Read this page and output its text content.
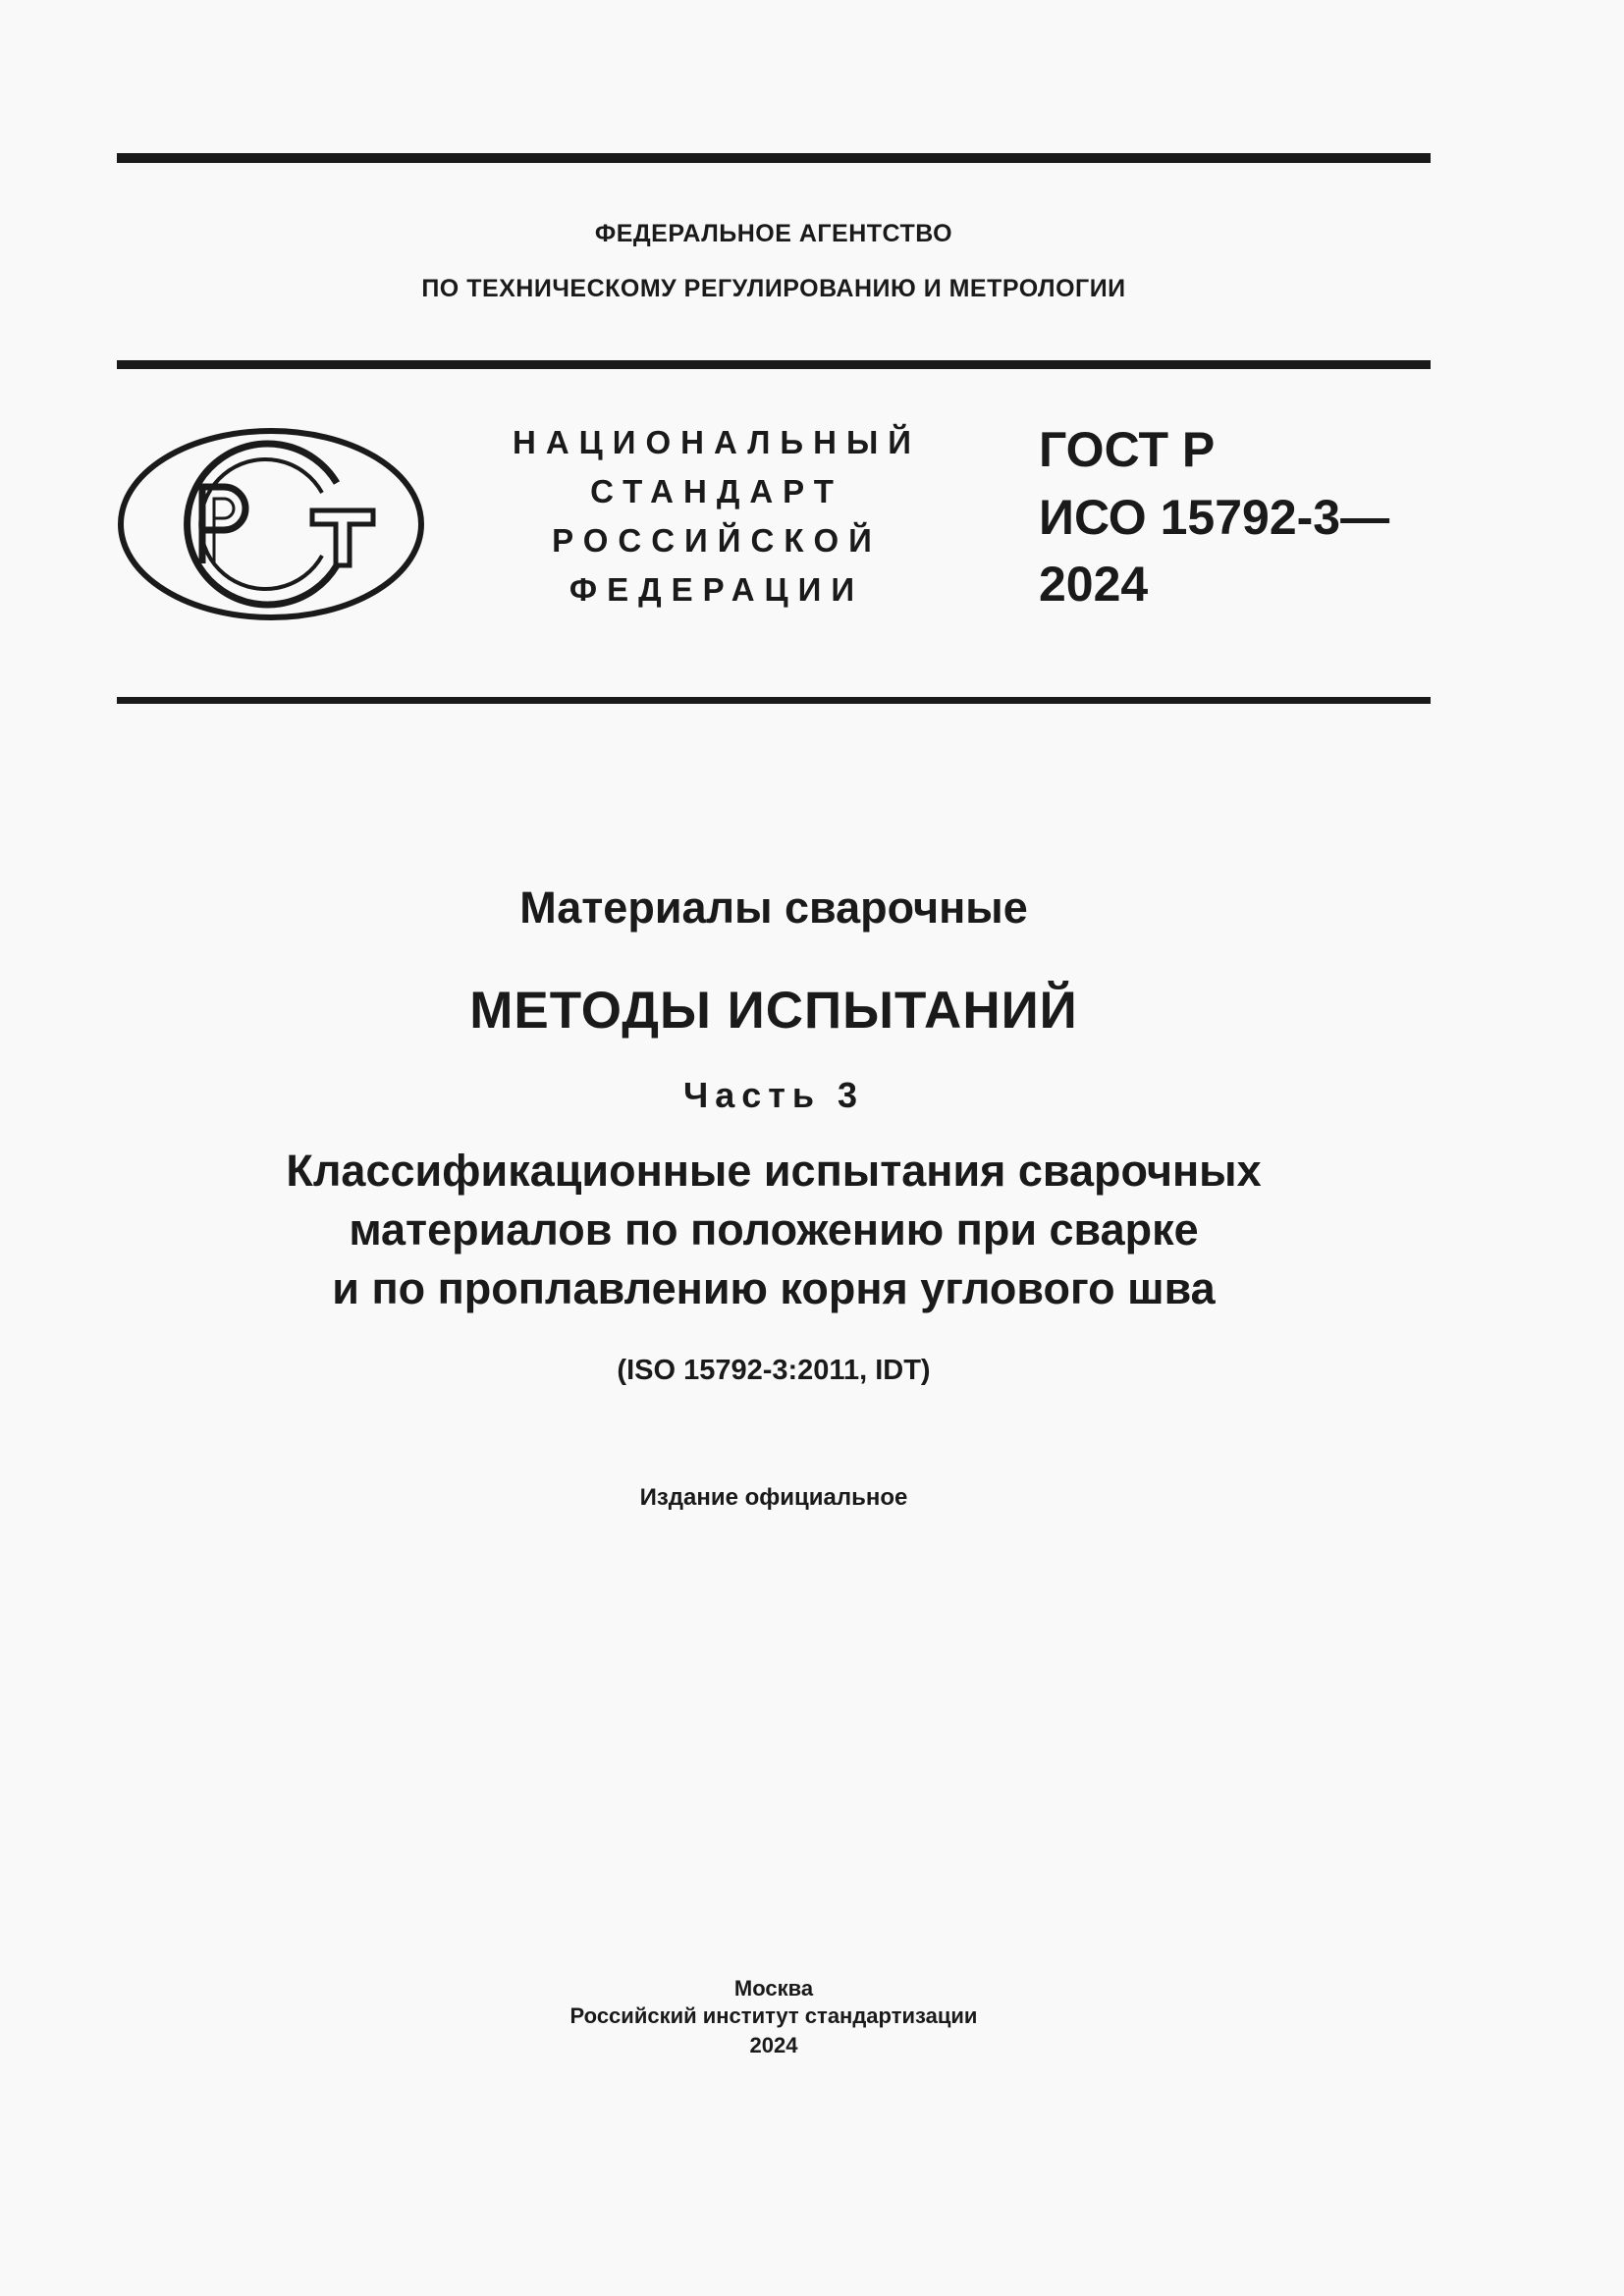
ФЕДЕРАЛЬНОЕ АГЕНТСТВО
ПО ТЕХНИЧЕСКОМУ РЕГУЛИРОВАНИЮ И МЕТРОЛОГИИ
НАЦИОНАЛЬНЫЙ
СТАНДАРТ
РОССИЙСКОЙ
ФЕДЕРАЦИИ
ГОСТ Р
ИСО 15792-3—
2024
Материалы сварочные
МЕТОДЫ ИСПЫТАНИЙ
Часть 3
Классификационные испытания сварочных
материалов по положению при сварке
и по проплавлению корня углового шва
(ISO 15792-3:2011, IDT)
Издание официальное
Москва
Российский институт стандартизации
2024
